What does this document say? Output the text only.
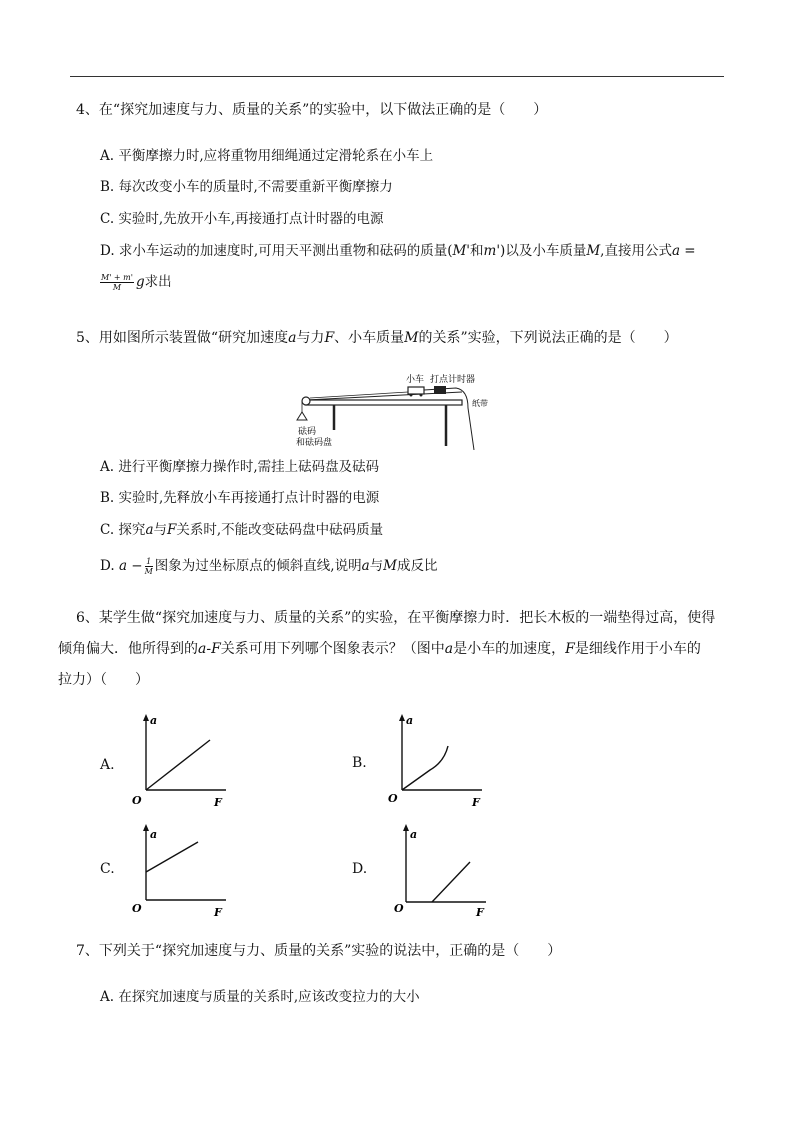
4、在“探究加速度与力、质量的关系”的实验中，以下做法正确的是（　　）
A. 平衡摩擦力时,应将重物用细绳通过定滑轮系在小车上
B. 每次改变小车的质量时,不需要重新平衡摩擦力
C. 实验时,先放开小车,再接通打点计时器的电源
D. 求小车运动的加速度时,可用天平测出重物和砝码的质量(M'和m')以及小车质量M,直接用公式a =
$\frac{M' + m'}{M}$ g求出
5、用如图所示装置做“研究加速度a与力F、小车质量M的关系”实验，下列说法正确的是（　　）
小车 打点计时器
纸带
砝码
和砝码盘
A. 进行平衡摩擦力操作时,需挂上砝码盘及砝码
B. 实验时,先释放小车再接通打点计时器的电源
C. 探究a与F关系时,不能改变砝码盘中砝码质量
D. $a - \frac{1}{M}$ 图象为过坐标原点的倾斜直线,说明a与M成反比
6、某学生做“探究加速度与力、质量的关系”的实验，在平衡摩擦力时．把长木板的一端垫得过高，使得
倾角偏大．他所得到的a-F关系可用下列哪个图象表示？（图中a是小车的加速度，F是细线作用于小车的
拉力）（　　）
A.
a
O	F
B.
a
O	F
C.
a
O	F
D.
a
O	F
7、下列关于“探究加速度与力、质量的关系”实验的说法中，正确的是（　　）
A. 在探究加速度与质量的关系时,应该改变拉力的大小
